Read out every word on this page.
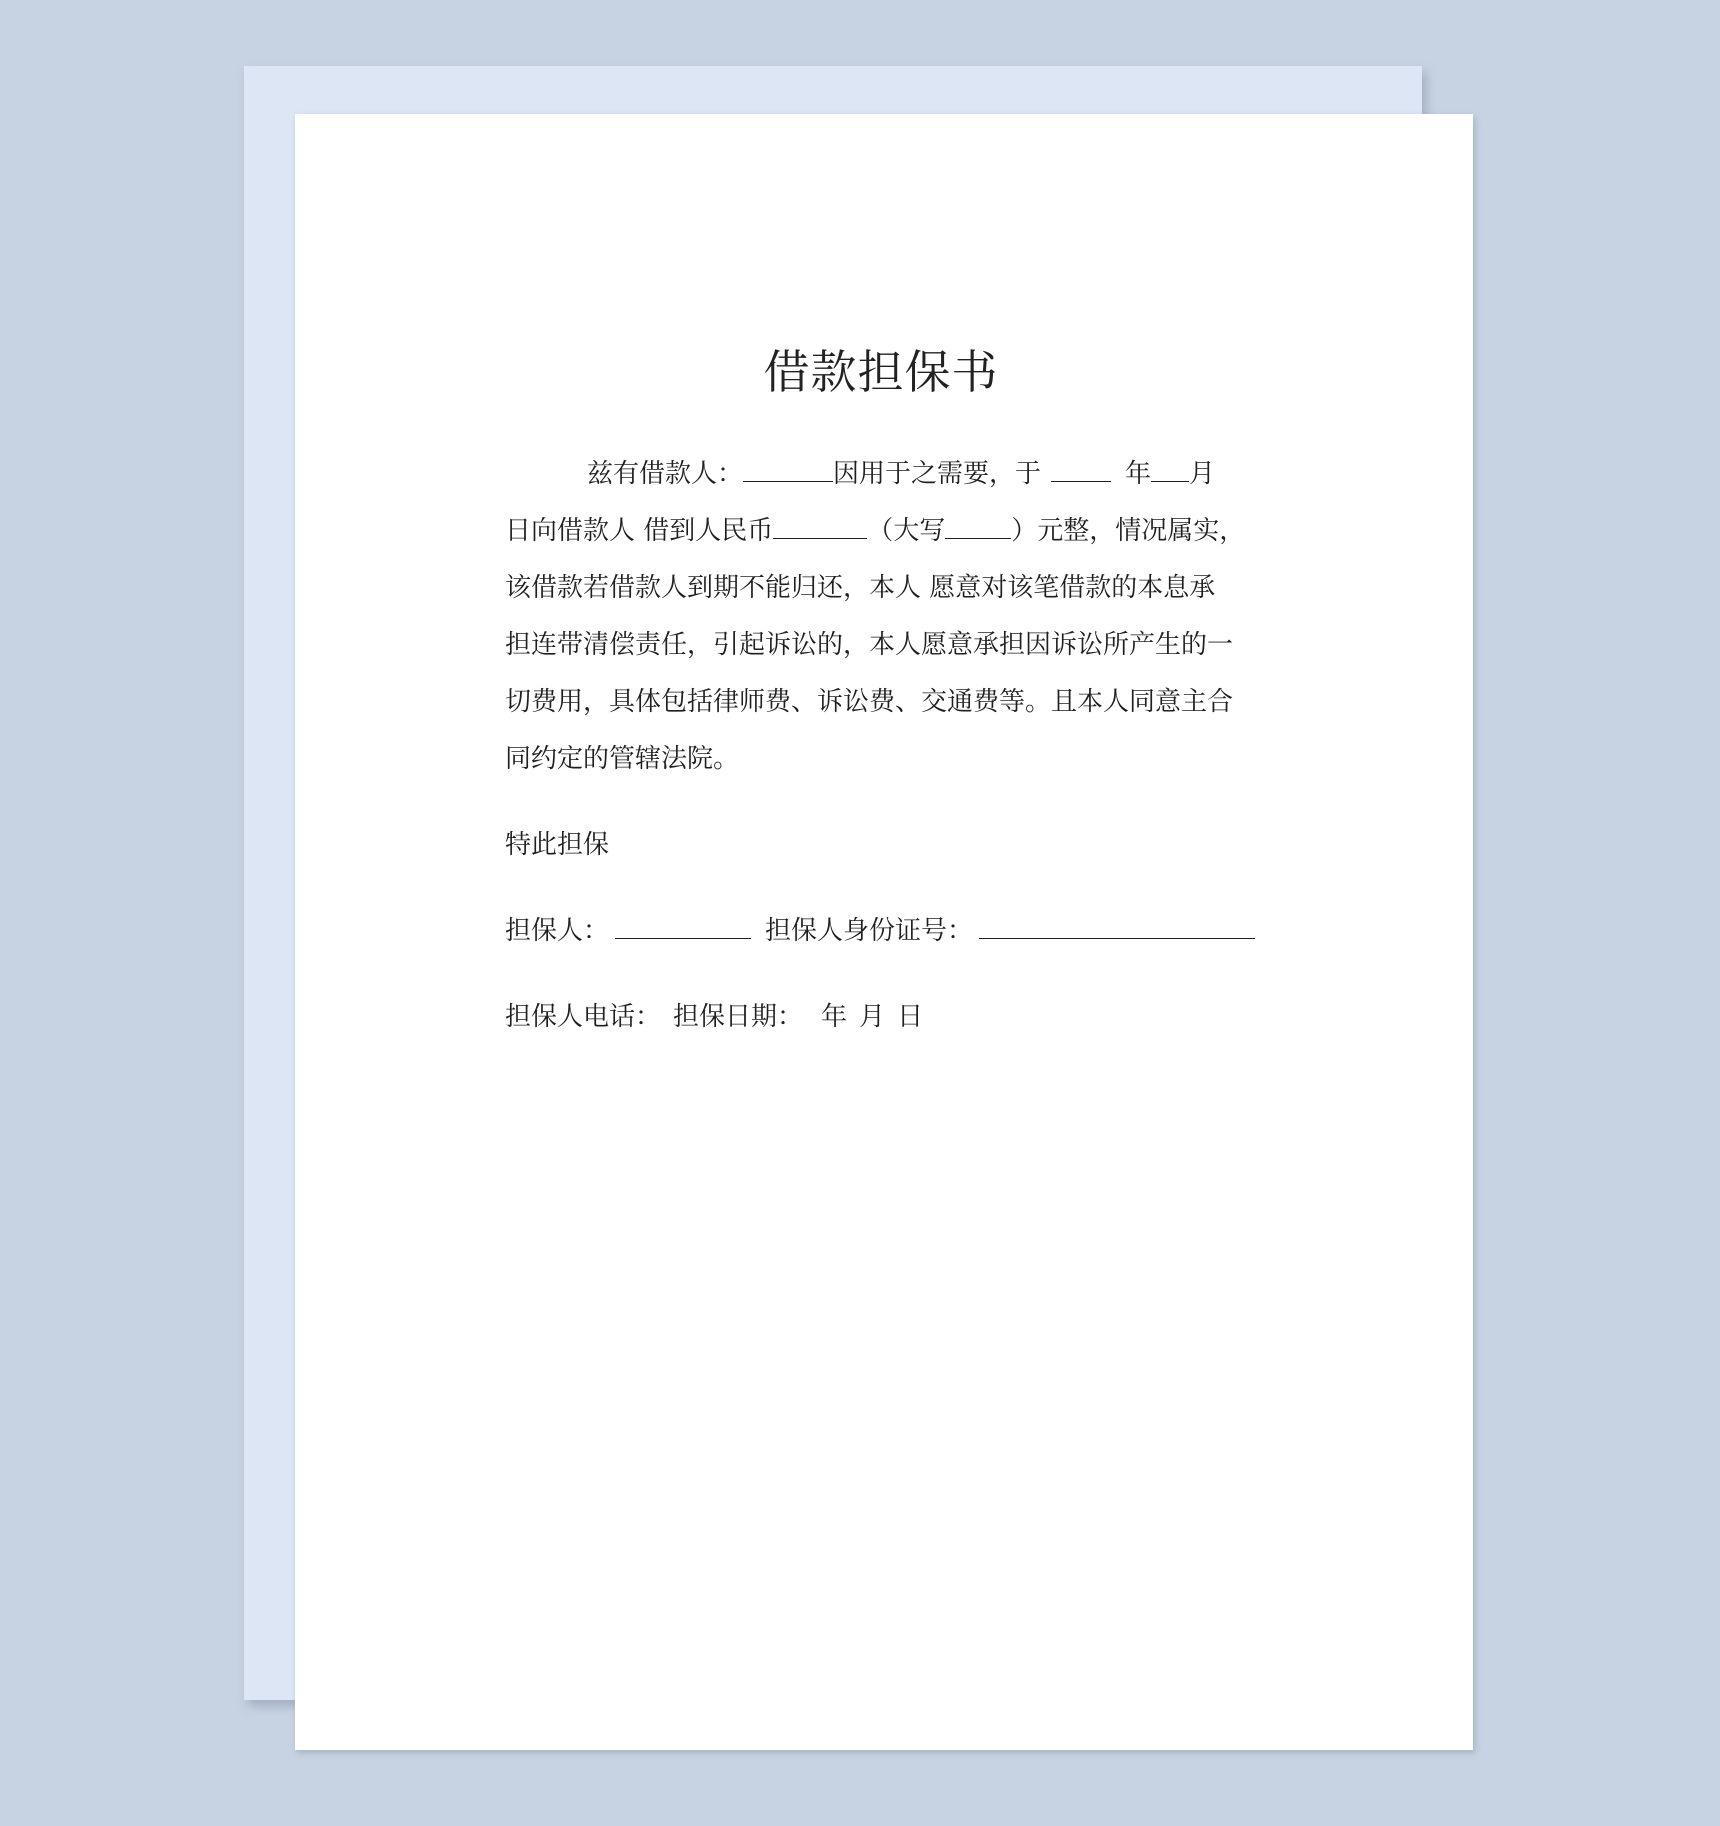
借款担保书
兹有借款人：	因用于之需要，于	年 月
日向借款人 借到人民币	（大写	）元整，情况属实，
该借款若借款人到期不能归还，本人 愿意对该笔借款的本息承
担连带清偿责任，引起诉讼的，本人愿意承担因诉讼所产生的一
切费用，具体包括律师费、诉讼费、交通费等。且本人同意主合
同约定的管辖法院。
特此担保
担保人：	担保人身份证号：
担保人电话： 担保日期： 年 月 日
